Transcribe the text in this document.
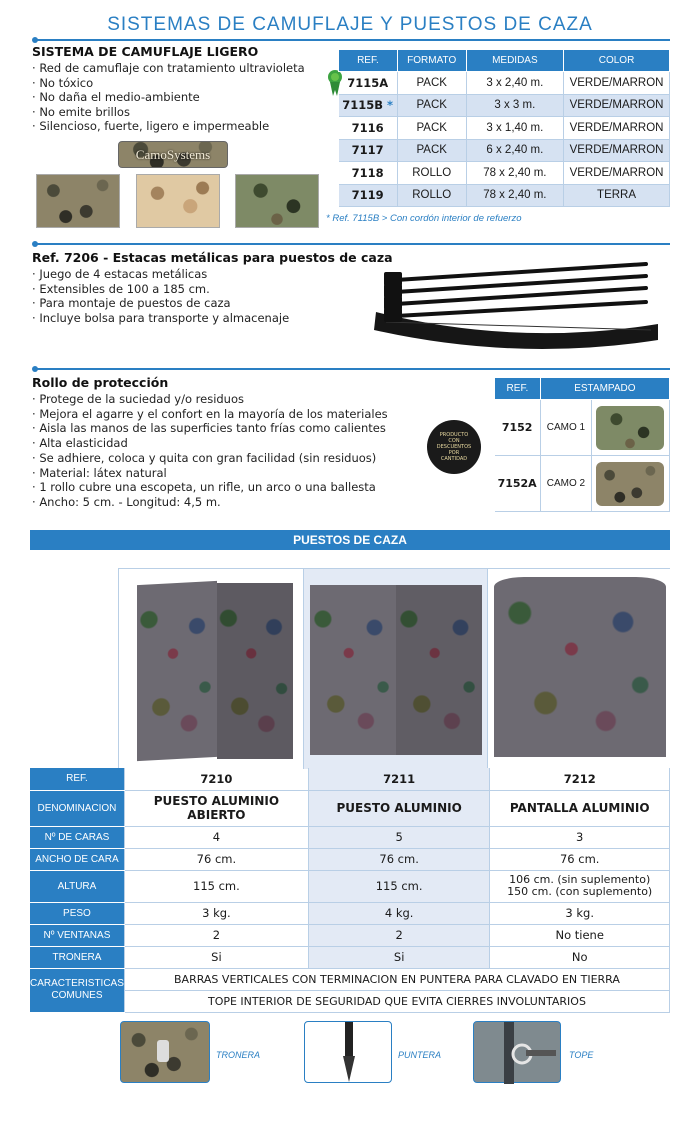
SISTEMAS DE CAMUFLAJE Y PUESTOS DE CAZA
SISTEMA DE CAMUFLAJE LIGERO
· Red de camuflaje con tratamiento ultravioleta
· No tóxico
· No daña el medio-ambiente
· No emite brillos
· Silencioso, fuerte, ligero e impermeable
CamoSystems
REF.	FORMATO	MEDIDAS	COLOR
7115A	PACK	3 x 2,40 m.	VERDE/MARRON
7115B *	PACK	3 x 3 m.	VERDE/MARRON
7116	PACK	3 x 1,40 m.	VERDE/MARRON
7117	PACK	6 x 2,40 m.	VERDE/MARRON
7118	ROLLO	78 x 2,40 m.	VERDE/MARRON
7119	ROLLO	78 x 2,40 m.	TERRA
* Ref. 7115B > Con cordón interior de refuerzo
Ref. 7206 - Estacas metálicas para puestos de caza
· Juego de 4 estacas metálicas
· Extensibles de 100 a 185 cm.
· Para montaje de puestos de caza
· Incluye bolsa para transporte y almacenaje
Rollo de protección
· Protege de la suciedad y/o residuos
· Mejora el agarre y el confort en la mayoría de los materiales
· Aisla las manos de las superficies tanto frías como calientes
· Alta elasticidad
· Se adhiere, coloca y quita con gran facilidad (sin residuos)
· Material: látex natural
· 1 rollo cubre una escopeta, un rifle, un arco o una ballesta
· Ancho: 5 cm. - Longitud: 4,5 m.
PRODUCTO CON DESCUENTOS POR CANTIDAD
REF.	ESTAMPADO	
7152	CAMO 1	

7152A	CAMO 2	
PUESTOS DE CAZA
REF.	7210	7211	7212
DENOMINACION	PUESTO ALUMINIO ABIERTO	PUESTO ALUMINIO	PANTALLA ALUMINIO
Nº DE CARAS	4	5	3
ANCHO DE CARA	76 cm.	76 cm.	76 cm.
ALTURA	115 cm.	115 cm.	106 cm. (sin suplemento)
150 cm. (con suplemento)

PESO	3 kg.	4 kg.	3 kg.
Nº VENTANAS	2	2	No tiene
TRONERA	Si	Si	No
CARACTERISTICAS COMUNES	BARRAS VERTICALES CON TERMINACION EN PUNTERA PARA CLAVADO EN TIERRA		
	TOPE INTERIOR DE SEGURIDAD QUE EVITA CIERRES INVOLUNTARIOS		
TRONERA	PUNTERA	TOPE
